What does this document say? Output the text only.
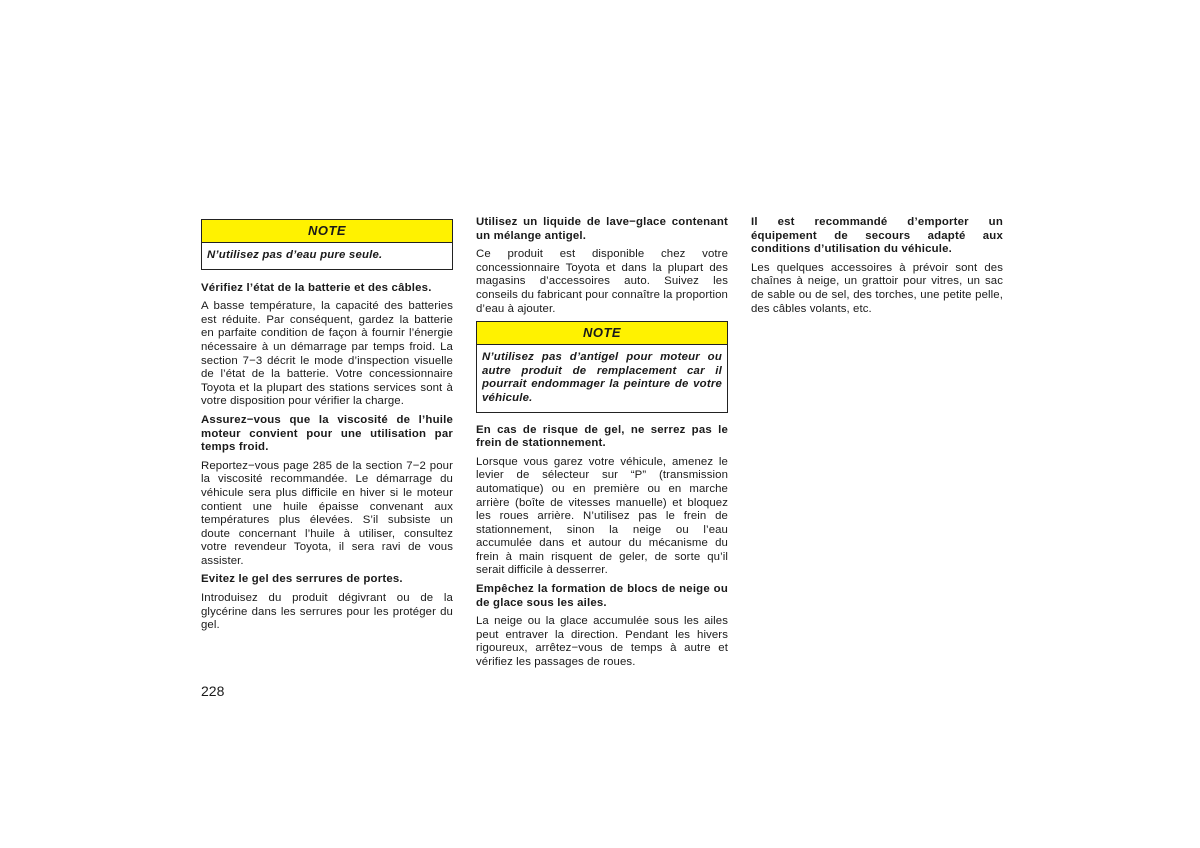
NOTE
N’utilisez pas d’eau pure seule.
Vérifiez l’état de la batterie et des câbles.
A basse température, la capacité des batteries est réduite. Par conséquent, gardez la batterie en parfaite condition de façon à fournir l’énergie nécessaire à un démarrage par temps froid. La section 7−3 décrit le mode d’inspection visuelle de l’état de la batterie. Votre concessionnaire Toyota et la plupart des stations services sont à votre disposition pour vérifier la charge.
Assurez−vous que la viscosité de l’huile moteur convient pour une utilisation par temps froid.
Reportez−vous page 285 de la section 7−2 pour la viscosité recommandée. Le démarrage du véhicule sera plus difficile en hiver si le moteur contient une huile épaisse convenant aux températures plus élevées. S’il subsiste un doute concernant l’huile à utiliser, consultez votre revendeur Toyota, il sera ravi de vous assister.
Evitez le gel des serrures de portes.
Introduisez du produit dégivrant ou de la glycérine dans les serrures pour les protéger du gel.
Utilisez un liquide de lave−glace contenant un mélange antigel.
Ce produit est disponible chez votre concessionnaire Toyota et dans la plupart des magasins d’accessoires auto. Suivez les conseils du fabricant pour connaître la proportion d’eau à ajouter.
NOTE
N’utilisez pas d’antigel pour moteur ou autre produit de remplacement car il pourrait endommager la peinture de votre véhicule.
En cas de risque de gel, ne serrez pas le frein de stationnement.
Lorsque vous garez votre véhicule, amenez le levier de sélecteur sur “P” (transmission automatique) ou en première ou en marche arrière (boîte de vitesses manuelle) et bloquez les roues arrière. N’utilisez pas le frein de stationnement, sinon la neige ou l’eau accumulée dans et autour du mécanisme du frein à main risquent de geler, de sorte qu’il serait difficile à desserrer.
Empêchez la formation de blocs de neige ou de glace sous les ailes.
La neige ou la glace accumulée sous les ailes peut entraver la direction. Pendant les hivers rigoureux, arrêtez−vous de temps à autre et vérifiez les passages de roues.
Il est recommandé d’emporter un équipement de secours adapté aux conditions d’utilisation du véhicule.
Les quelques accessoires à prévoir sont des chaînes à neige, un grattoir pour vitres, un sac de sable ou de sel, des torches, une petite pelle, des câbles volants, etc.
228
